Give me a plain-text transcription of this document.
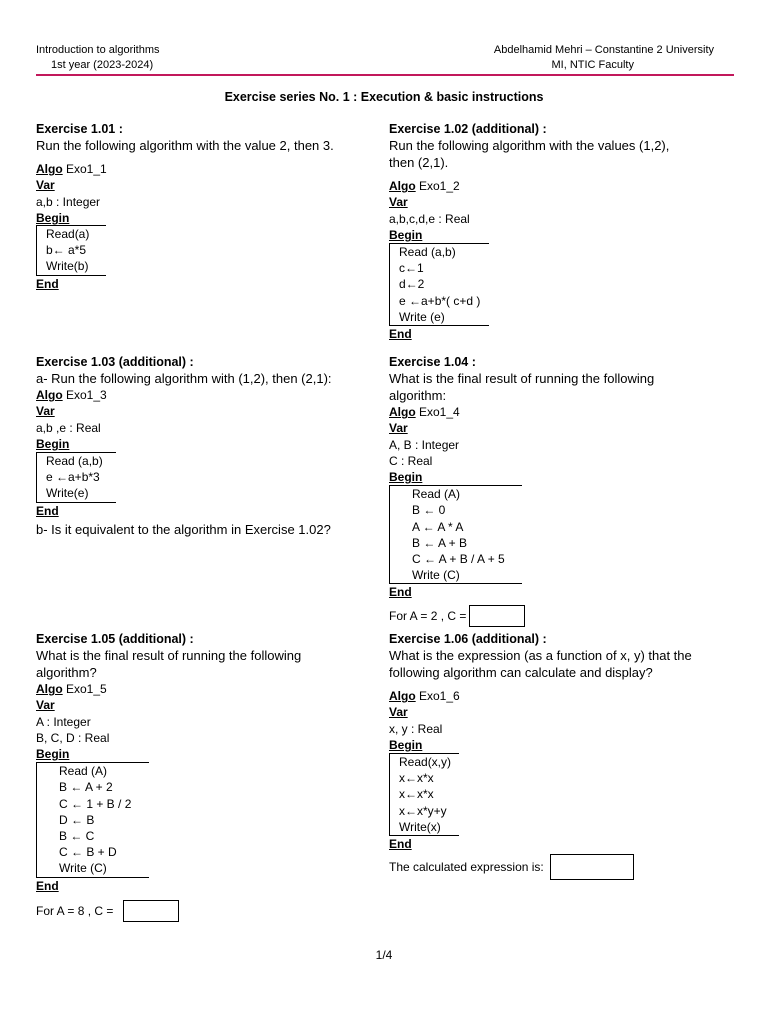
Introduction to algorithms
1st year (2023-2024)
Abdelhamid Mehri – Constantine 2 University
MI, NTIC Faculty
Exercise series No. 1 : Execution & basic instructions
Exercise 1.01 :
Run the following algorithm with the value 2, then 3.
Algo Exo1_1
Var
a,b : Integer
Begin
Read(a)
b← a*5
Write(b)
End
Exercise 1.02 (additional) :
Run the following algorithm with the values (1,2),
then (2,1).
Algo Exo1_2
Var
a,b,c,d,e : Real
Begin
Read (a,b)
c←1
d←2
e ←a+b*( c+d )
Write (e)
End
Exercise 1.03 (additional) :
a- Run the following algorithm with (1,2), then (2,1):
Algo Exo1_3
Var
a,b ,e : Real
Begin
Read (a,b)
e ←a+b*3
Write(e)
End
b- Is it equivalent to the algorithm in Exercise 1.02?
Exercise 1.04 :
What is the final result of running the following
algorithm:
Algo Exo1_4
Var
A, B : Integer
C : Real
Begin
Read (A)
B ← 0
A ← A * A
B ← A + B
C ← A + B / A + 5
Write (C)
End
For A = 2 , C =
Exercise 1.05 (additional) :
What is the final result of running the following
algorithm?
Algo Exo1_5
Var
A : Integer
B, C, D : Real
Begin
Read (A)
B ← A + 2
C ← 1 + B / 2
D ← B
B ← C
C ← B + D
Write (C)
End
For A = 8 , C =
Exercise 1.06 (additional) :
What is the expression (as a function of x, y) that the
following algorithm can calculate and display?
Algo Exo1_6
Var
x, y : Real
Begin
Read(x,y)
x←x*x
x←x*x
x←x*y+y
Write(x)
End
The calculated expression is:
1/4
